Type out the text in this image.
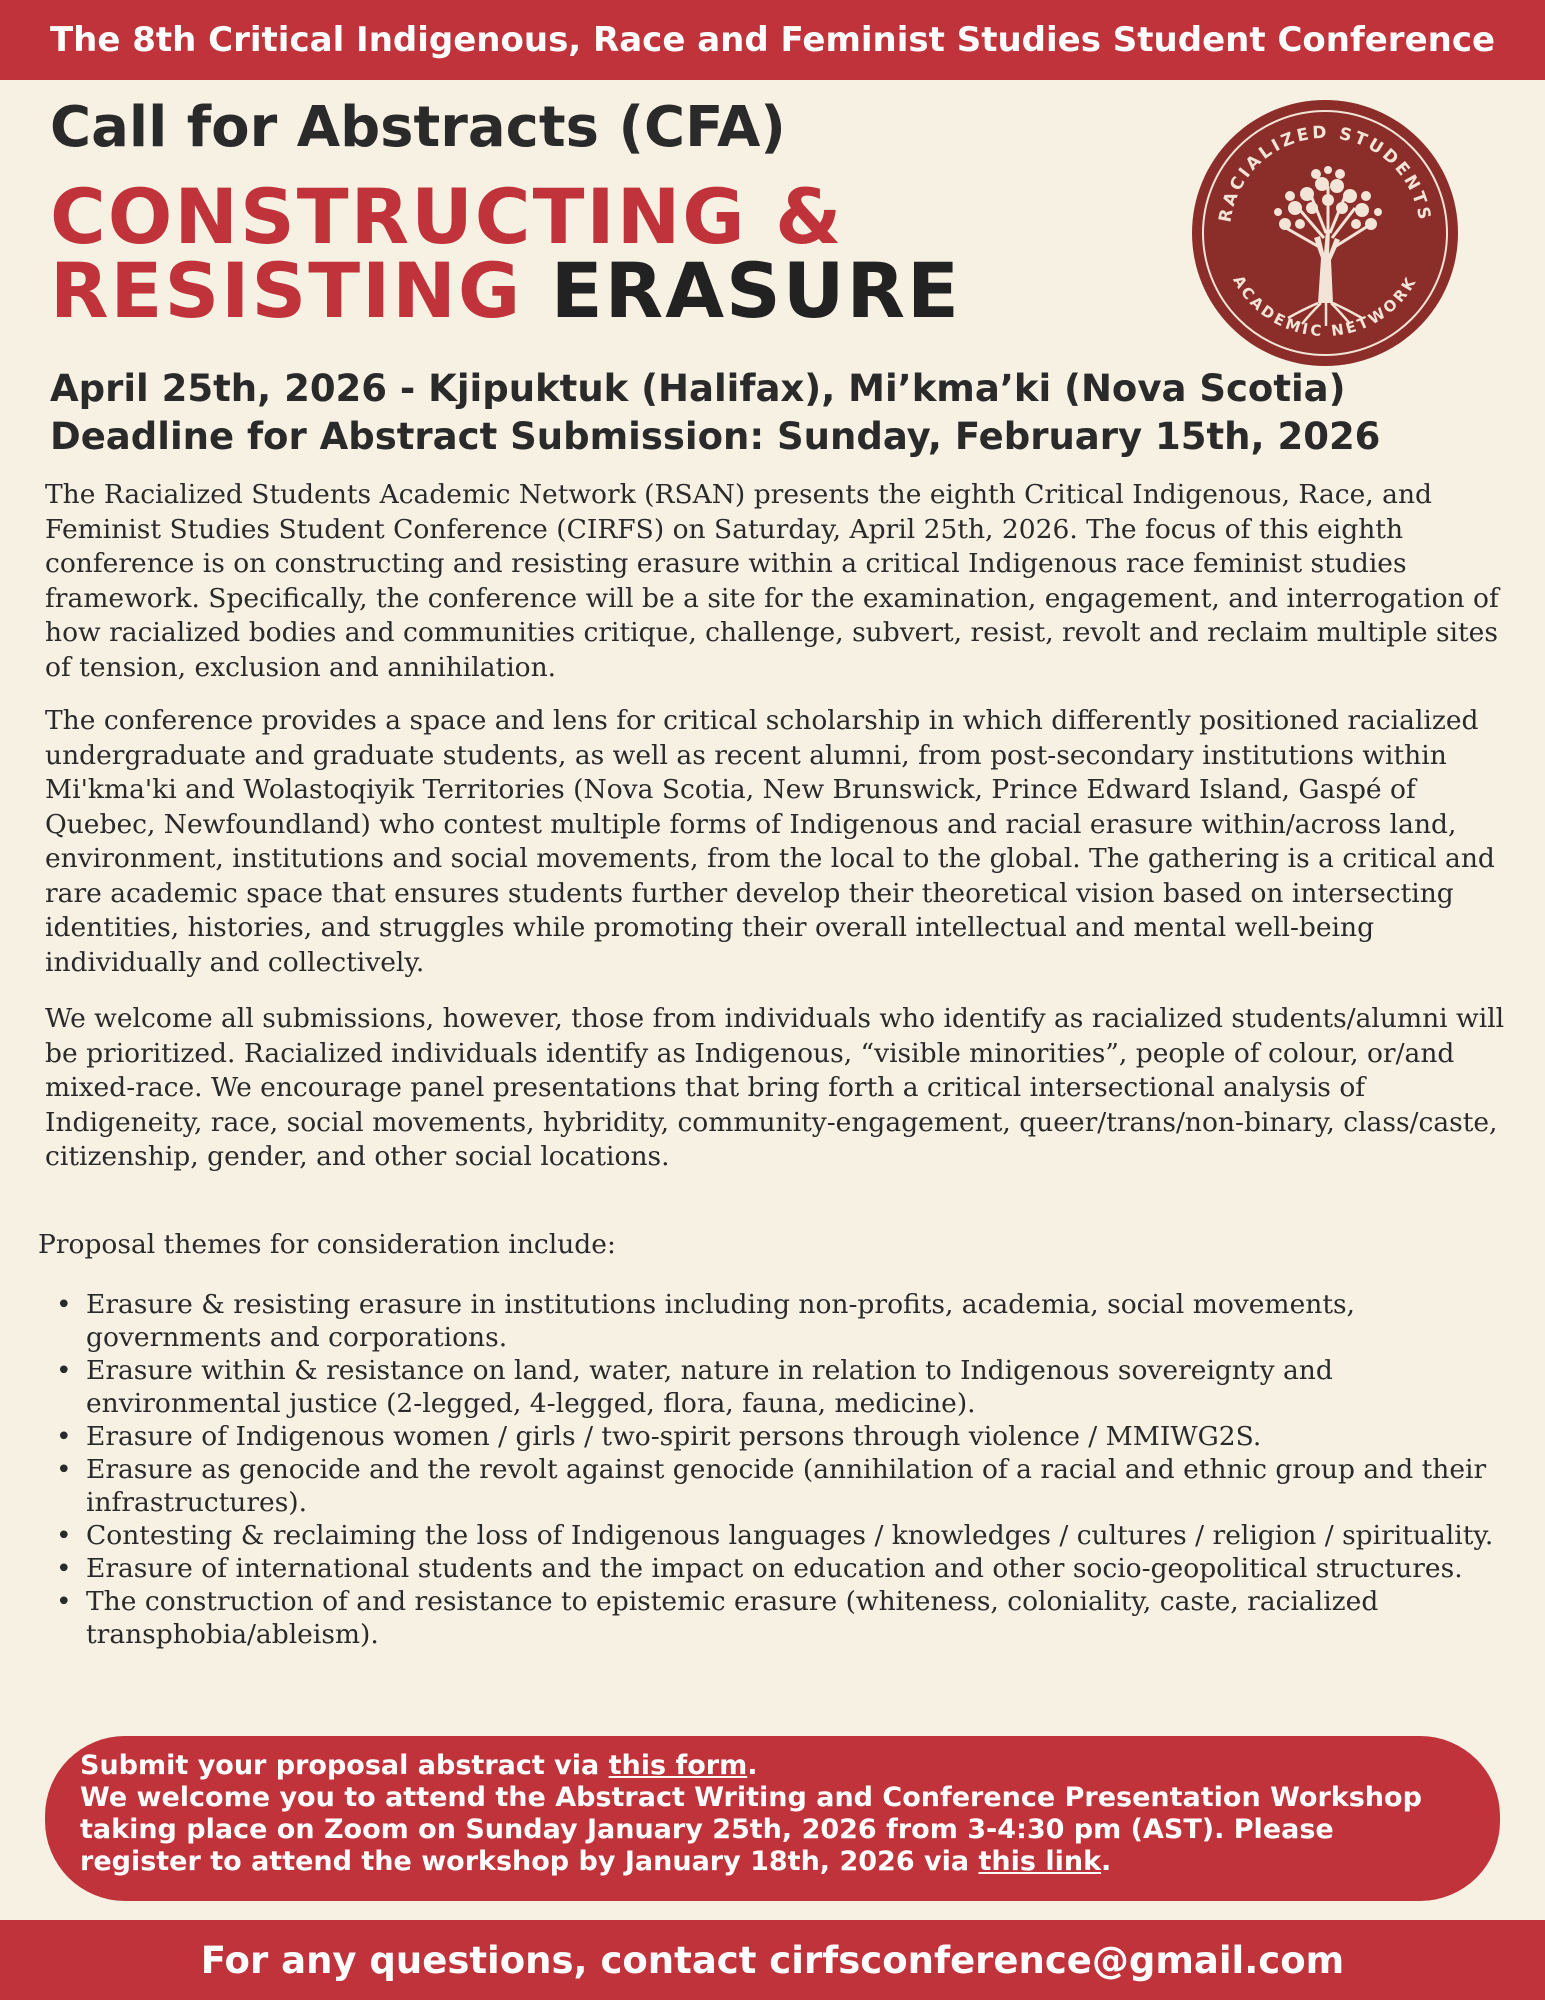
The 8th Critical Indigenous, Race and Feminist Studies Student Conference
Call for Abstracts (CFA)
CONSTRUCTING &
RESISTING ERASURE
RACIALIZED STUDENTS
ACADEMIC NETWORK
April 25th, 2026 - Kjipuktuk (Halifax), Mi’kma’ki (Nova Scotia)
Deadline for Abstract Submission: Sunday, February 15th, 2026

The Racialized Students Academic Network (RSAN) presents the eighth Critical Indigenous, Race, and Feminist Studies Student Conference (CIRFS) on Saturday, April 25th, 2026. The focus of this eighth conference is on constructing and resisting erasure within a critical Indigenous race feminist studies framework. Specifically, the conference will be a site for the examination, engagement, and interrogation of how racialized bodies and communities critique, challenge, subvert, resist, revolt and reclaim multiple sites of tension, exclusion and annihilation.

The conference provides a space and lens for critical scholarship in which differently positioned racialized undergraduate and graduate students, as well as recent alumni, from post-secondary institutions within Mi'kma'ki and Wolastoqiyik Territories (Nova Scotia, New Brunswick, Prince Edward Island, Gaspé of Quebec, Newfoundland) who contest multiple forms of Indigenous and racial erasure within/across land, environment, institutions and social movements, from the local to the global. The gathering is a critical and rare academic space that ensures students further develop their theoretical vision based on intersecting identities, histories, and struggles while promoting their overall intellectual and mental well-being individually and collectively.

We welcome all submissions, however, those from individuals who identify as racialized students/alumni will be prioritized. Racialized individuals identify as Indigenous, “visible minorities”, people of colour, or/and mixed-race. We encourage panel presentations that bring forth a critical intersectional analysis of Indigeneity, race, social movements, hybridity, community-engagement, queer/trans/non-binary, class/caste, citizenship, gender, and other social locations.

Proposal themes for consideration include:

• Erasure & resisting erasure in institutions including non-profits, academia, social movements, governments and corporations.
• Erasure within & resistance on land, water, nature in relation to Indigenous sovereignty and environmental justice (2-legged, 4-legged, flora, fauna, medicine).
• Erasure of Indigenous women / girls / two-spirit persons through violence / MMIWG2S.
• Erasure as genocide and the revolt against genocide (annihilation of a racial and ethnic group and their infrastructures).
• Contesting & reclaiming the loss of Indigenous languages / knowledges / cultures / religion / spirituality.
• Erasure of international students and the impact on education and other socio-geopolitical structures.
• The construction of and resistance to epistemic erasure (whiteness, coloniality, caste, racialized transphobia/ableism).
Submit your proposal abstract via this form.
We welcome you to attend the Abstract Writing and Conference Presentation Workshop
taking place on Zoom on Sunday January 25th, 2026 from 3-4:30 pm (AST). Please
register to attend the workshop by January 18th, 2026 via this link.
For any questions, contact cirfsconference@gmail.com
